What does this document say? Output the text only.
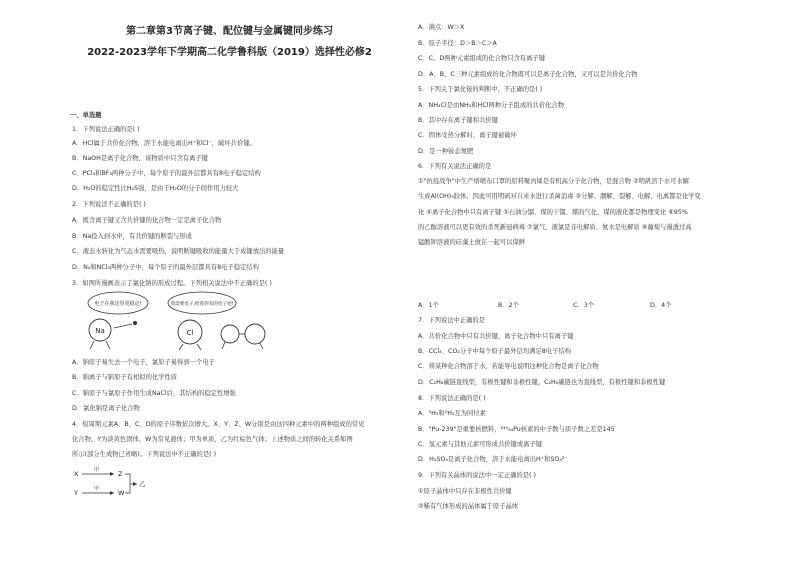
第二章第3节离子键、配位键与金属键同步练习
2022-2023学年下学期高二化学鲁科版（2019）选择性必修2
一、单选题
1．下列说法正确的是( )
A．HCl属于共价化合物，溶于水能电离出H⁺和Cl⁻，破坏共价键。
B．NaOH是离子化合物，该物质中只含有离子键
C．PCl₃和BF₃两种分子中，每个原子的最外层都具有8电子稳定结构
D．H₂O的稳定性比H₂S强，是由于H₂O的分子间作用力较大
2．下列说法不正确的是( )
A．既含离子键又含共价键的化合物一定是离子化合物
B．Na投入到水中，有共价键的断裂与形成
C．液态水转化为气态水需要吸热，说明断键吸收的能量大于成键放出的能量
D．N₂和NCl₃两种分子中，每个原子的最外层都具有8电子稳定结构
3．如图所漫画表示了氯化钠的形成过程。下列相关说法中不正确的是( )
A．钠原子易失去一个电子，氯原子易得到一个电子
B．钠离子与钠原子有相似的化学性质
C．钠原子与氯原子作用生成NaCl后，其结构的稳定性增强
D．氯化钠是离子化合物
4．短周期元素A、B、C、D的原子序数依次增大。X、Y、Z、W分别是由这四种元素中的两种组成的常见
化合物，Y为淡黄色固体，W为常见液体；甲为单质，乙为红棕色气体；上述物质之间的转化关系如图
所示(部分生成物已省略)。下列说法中不正确的是( )
A．沸点：W＞X
B．原子半径：D＞B＞C＞A
C．C、D两种元素组成的化合物只含有离子键
D．A、B、C三种元素组成的化合物既可以是离子化合物，又可以是共价化合物
5．下列关于氯化铵的判断中，不正确的是( )
A．NH₄Cl是由NH₃和HCl两种分子组成的共价化合物
B．其中存在离子键和共价键
C．固体受热分解时，离子键被破坏
D．是一种铵态氮肥
6．下列有关说法正确的是
①"抗疫战争"中生产熔喷布口罩的原料聚丙烯是有机高分子化合物，是混合物 ②明矾溶于水可水解
生成Al(OH)₃胶体，因此可用明矾对自来水进行杀菌消毒 ③分解、潮解、裂解、电解、电离都是化学变
化 ④离子化合物中只有离子键 ⑤石油分馏、煤的干馏、煤的气化、煤的液化都是物理变化 ⑥95%
的乙醇溶液可以更有效的杀死新冠病毒 ⑦氯气、液氯是非电解质、氨水是电解质 ⑧葡萄与漫透过高
锰酸钾溶液的硅藻土放在一起可以保鲜
7．下列说法中正确的是
A．共价化合物中只有共价键，离子化合物中只有离子键
B．CCl₄、CO₂分子中每个原子最外层均满足8电子结构
C．将某种化合物溶于水，若能导电说明这种化合物是离子化合物
D．C₂H₆碳链直线型，有极性键和非极性键，C₂H₆碳链也为直线型，有极性键和非极性键
8．下列说法正确的是( )
A．¹H₂和²H₂互为同位素
B．"Pu-239"是重要核燃料，²³⁹₉₄Pu核素的中子数与质子数之差是145
C．氢元素与其他元素可形成共价键或离子键
D．H₂SO₄是离子化合物，溶于水能电离出H⁺和SO₄²⁻
9．下列有关晶体的说法中一定正确的是( )
①原子晶体中只存在非极性共价键
②稀有气体形成的晶体属于原子晶体
电子在我这里更稳定!	我需要电子,给我你有的电子吧!
Na	Cl
X
Y
Z
W
甲
甲
乙
A．1个	B．2个	C．3个	D．4个
